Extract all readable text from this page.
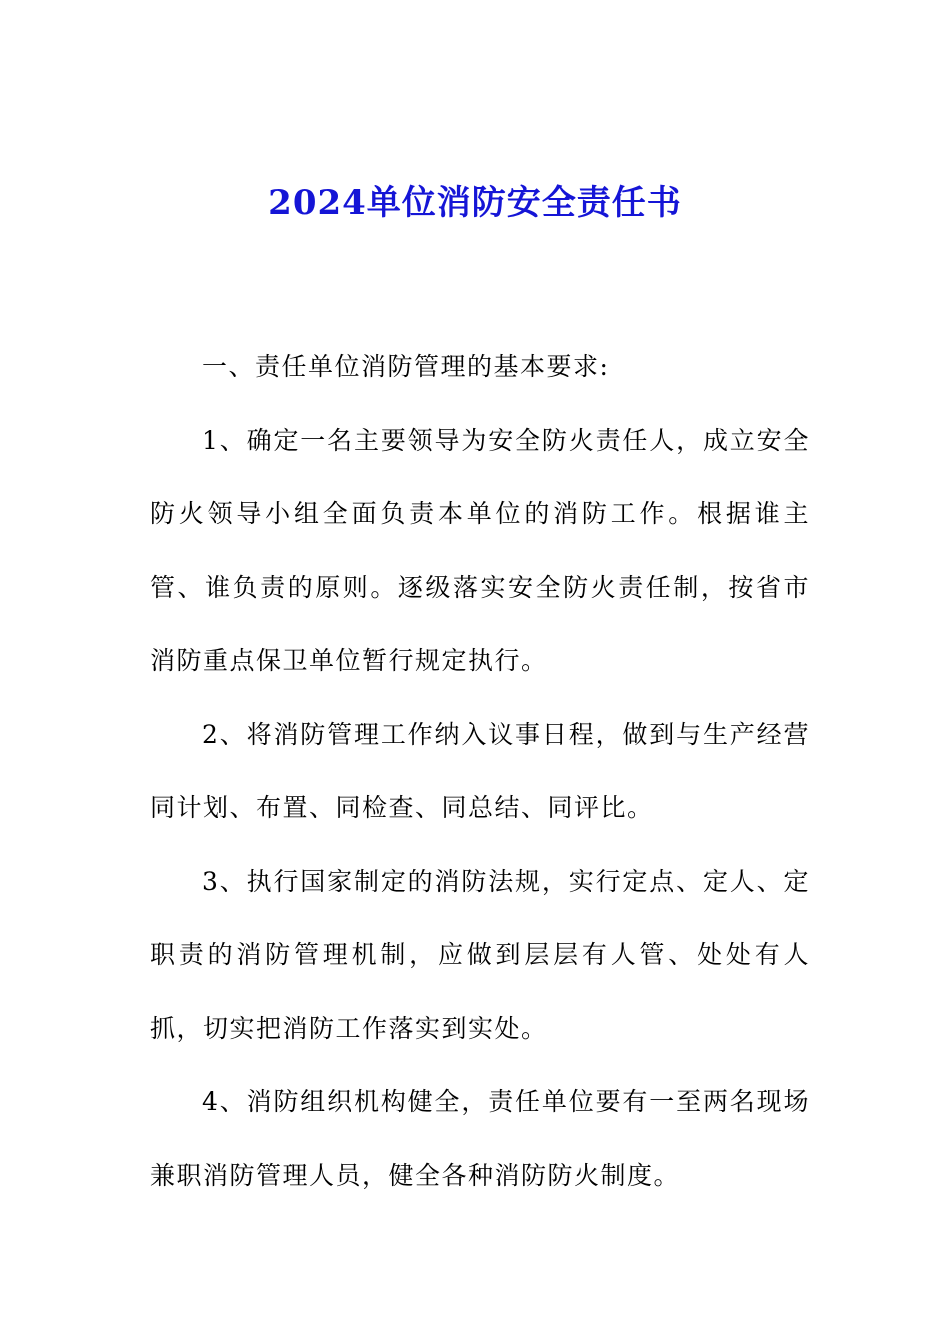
2024单位消防安全责任书

一、责任单位消防管理的基本要求:

1、确定一名主要领导为安全防火责任人，成立安全防火领导小组全面负责本单位的消防工作。根据谁主管、谁负责的原则。逐级落实安全防火责任制，按省市消防重点保卫单位暂行规定执行。

2、将消防管理工作纳入议事日程，做到与生产经营同计划、布置、同检查、同总结、同评比。

3、执行国家制定的消防法规，实行定点、定人、定职责的消防管理机制，应做到层层有人管、处处有人抓，切实把消防工作落实到实处。

4、消防组织机构健全，责任单位要有一至两名现场兼职消防管理人员，健全各种消防防火制度。
